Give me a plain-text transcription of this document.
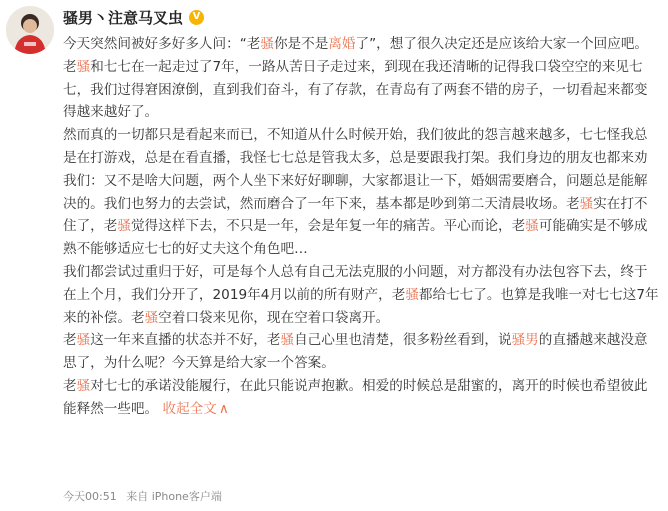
骚男丶注意马叉虫 V

今天突然间被好多好多人问：“老骚你是不是离婚了”，想了很久决定还是应该给大家一个回应吧。

老骚和七七在一起走过了7年，一路从苦日子走过来，到现在我还清晰的记得我口袋空空的来见七七，我们过得窘困潦倒，直到我们奋斗，有了存款，在青岛有了两套不错的房子，一切看起来都变得越来越好了。

然而真的一切都只是看起来而已，不知道从什么时候开始，我们彼此的怨言越来越多，七七怪我总是在打游戏，总是在看直播，我怪七七总是管我太多，总是要跟我打架。我们身边的朋友也都来劝我们：又不是啥大问题，两个人坐下来好好聊聊，大家都退让一下，婚姻需要磨合，问题总是能解决的。我们也努力的去尝试，然而磨合了一年下来，基本都是吵到第二天清晨收场。老骚实在打不住了，老骚觉得这样下去，不只是一年，会是年复一年的痛苦。平心而论，老骚可能确实是不够成熟不能够适应七七的好丈夫这个角色吧…

我们都尝试过重归于好，可是每个人总有自己无法克服的小问题，对方都没有办法包容下去，终于在上个月，我们分开了，2019年4月以前的所有财产，老骚都给七七了。也算是我唯一对七七这7年来的补偿。老骚空着口袋来见你，现在空着口袋离开。

老骚这一年来直播的状态并不好，老骚自己心里也清楚，很多粉丝看到，说骚男的直播越来越没意思了，为什么呢？今天算是给大家一个答案。

老骚对七七的承诺没能履行，在此只能说声抱歉。相爱的时候总是甜蜜的，离开的时候也希望彼此能释然一些吧。 收起全文 ∧

今天00:51 来自 iPhone客户端
